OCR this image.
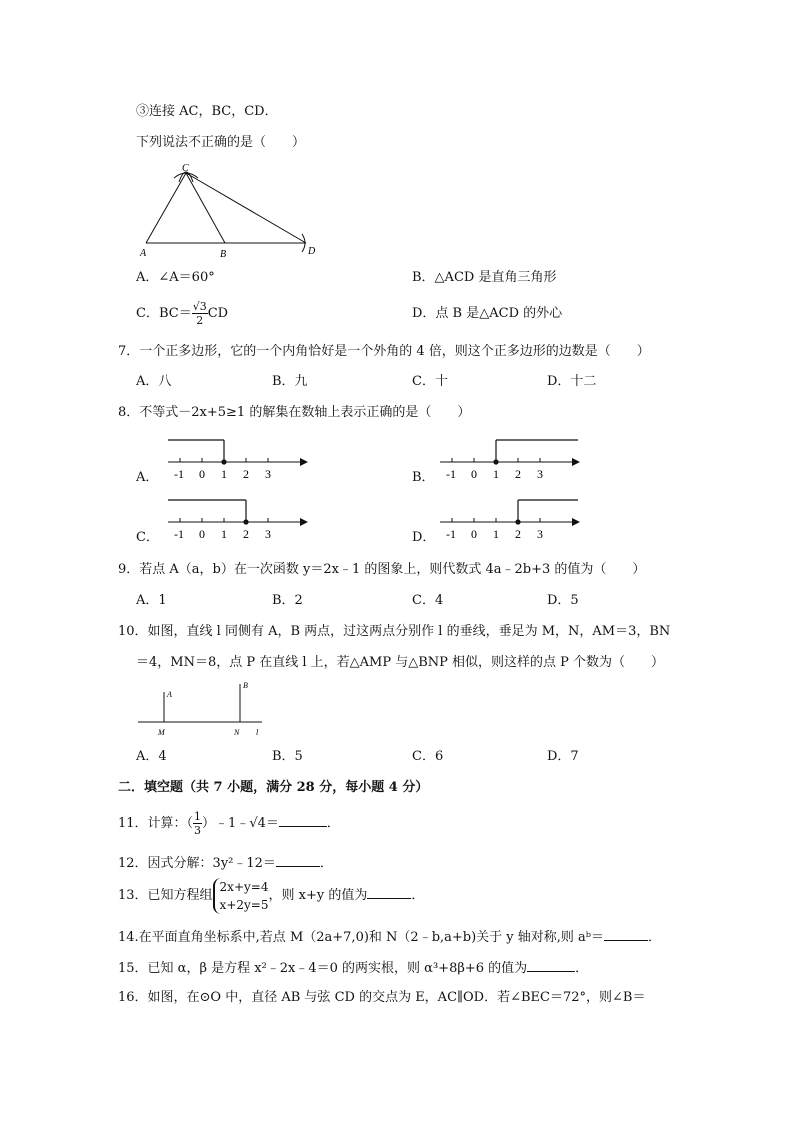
③连接 AC，BC，CD．
下列说法不正确的是（　　）
C
A	B	D
A．∠A＝60°	B．△ACD 是直角三角形
C．$BC= \frac{√3}{2}$ CD	D．点 B 是△ACD 的外心
7．一个正多边形，它的一个内角恰好是一个外角的 4 倍，则这个正多边形的边数是（　　）
A．八	B．九	C．十	D．十二
8．不等式－2x+5≥1 的解集在数轴上表示正确的是（　　）
A． -1 0 1 2 3	B． -1 0 1 2 3
C． -1 0 1 2 3	D． -1 0 1 2 3
9．若点 A（a，b）在一次函数 y＝2x﹣1 的图象上，则代数式 4a﹣2b+3 的值为（　　）
A．1	B．2	C．4	D．5
10．如图，直线 l 同侧有 A，B 两点，过这两点分别作 l 的垂线，垂足为 M，N，AM＝3，BN
＝4，MN＝8，点 P 在直线 l 上，若△AMP 与△BNP 相似，则这样的点 P 个数为（　　）
A
B
M	N l
A．4	B．5	C．6	D．7
二．填空题（共 7 小题，满分 28 分，每小题 4 分）
11．计算：（ $\frac{1}{3}$ ）﹣1﹣√4＝	．
12．因式分解：3y²﹣12＝	．
13．已知方程组
2x+y=4
x+2y=5
，则 x+y 的值为	．
14.在平面直角坐标系中,若点 M（2a+7,0)和 N（2﹣b,a+b)关于 y 轴对称,则 aᵇ＝	．
15．已知 α，β 是方程 x²﹣2x﹣4＝0 的两实根，则 α³+8β+6 的值为	．
16．如图，在⊙O 中，直径 AB 与弦 CD 的交点为 E，AC∥OD．若∠BEC＝72°，则∠B＝
